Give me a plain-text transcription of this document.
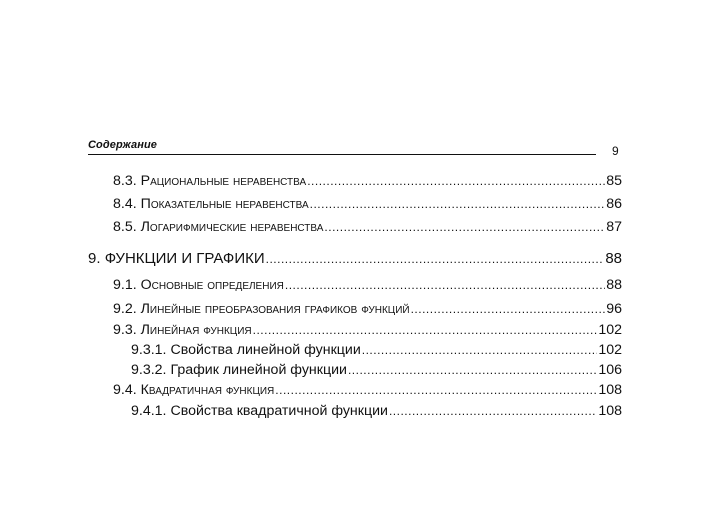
Содержание	9
8.3. Рациональные неравенства .....	85
8.4. Показательные неравенства .....	86
8.5. Логарифмические неравенства .....	87
9. ФУНКЦИИ И ГРАФИКИ .....	88
9.1. Основные определения .....	88
9.2. Линейные преобразования графиков функций .....	96
9.3. Линейная функция .....	102
9.3.1. Свойства линейной функции .....	102
9.3.2. График линейной функции .....	106
9.4. Квадратичная функция .....	108
9.4.1. Свойства квадратичной функции .....	108
